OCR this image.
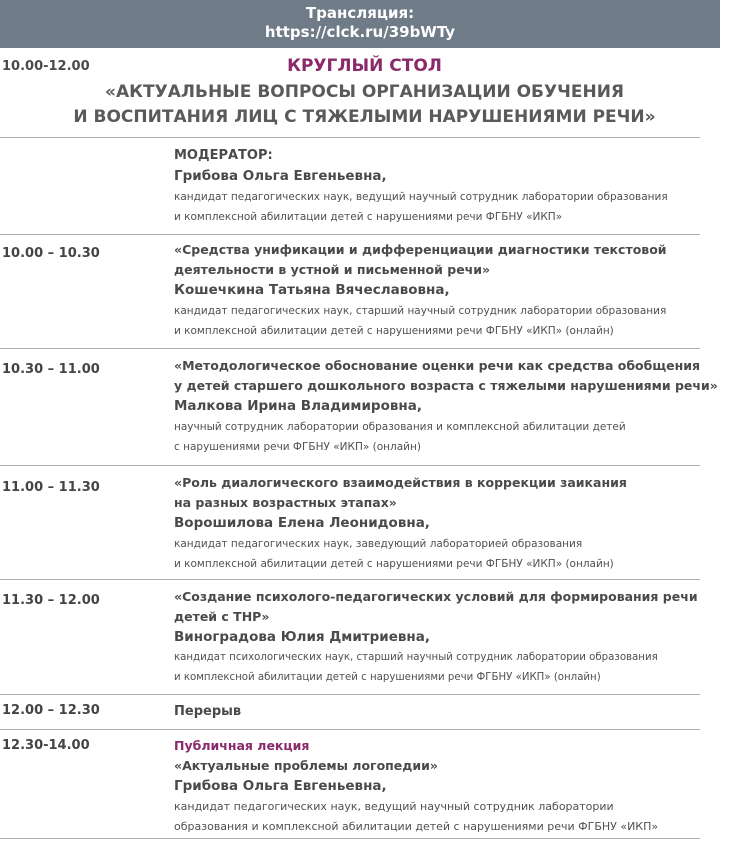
Трансляция:
https://clck.ru/39bWTy
10.00-12.00	КРУГЛЫЙ СТОЛ
«АКТУАЛЬНЫЕ ВОПРОСЫ ОРГАНИЗАЦИИ ОБУЧЕНИЯ
И ВОСПИТАНИЯ ЛИЦ С ТЯЖЕЛЫМИ НАРУШЕНИЯМИ РЕЧИ»
МОДЕРАТОР:
Грибова Ольга Евгеньевна,
кандидат педагогических наук, ведущий научный сотрудник лаборатории образования
и комплексной абилитации детей с нарушениями речи ФГБНУ «ИКП»
10.00 – 10.30	«Средства унификации и дифференциации диагностики текстовой
деятельности в устной и письменной речи»
Кошечкина Татьяна Вячеславовна,
кандидат педагогических наук, старший научный сотрудник лаборатории образования
и комплексной абилитации детей с нарушениями речи ФГБНУ «ИКП» (онлайн)
10.30 – 11.00	«Методологическое обоснование оценки речи как средства обобщения
у детей старшего дошкольного возраста с тяжелыми нарушениями речи»
Малкова Ирина Владимировна,
научный сотрудник лаборатории образования и комплексной абилитации детей
с нарушениями речи ФГБНУ «ИКП» (онлайн)
11.00 – 11.30	«Роль диалогического взаимодействия в коррекции заикания
на разных возрастных этапах»
Ворошилова Елена Леонидовна,
кандидат педагогических наук, заведующий лабораторией образования
и комплексной абилитации детей с нарушениями речи ФГБНУ «ИКП» (онлайн)
11.30 – 12.00	«Создание психолого-педагогических условий для формирования речи
детей с ТНР»
Виноградова Юлия Дмитриевна,
кандидат психологических наук, старший научный сотрудник лаборатории образования
и комплексной абилитации детей с нарушениями речи ФГБНУ «ИКП» (онлайн)
12.00 – 12.30	Перерыв
12.30-14.00	Публичная лекция
«Актуальные проблемы логопедии»
Грибова Ольга Евгеньевна,
кандидат педагогических наук, ведущий научный сотрудник лаборатории
образования и комплексной абилитации детей с нарушениями речи ФГБНУ «ИКП»
